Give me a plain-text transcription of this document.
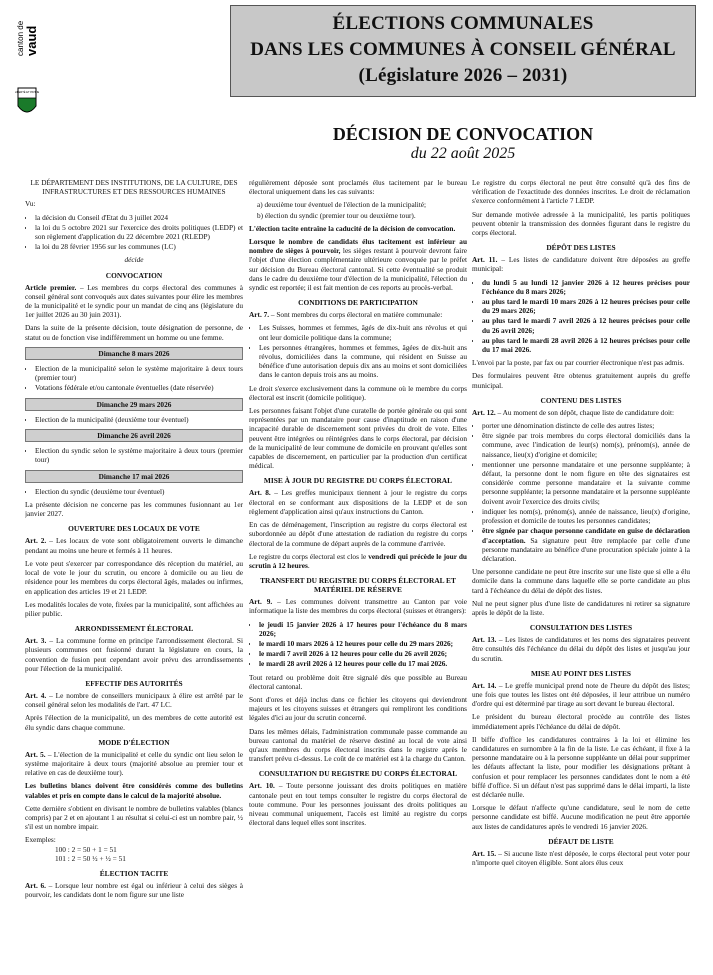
canton de vaud
LIBERTÉ ET PATRIE
ÉLECTIONS COMMUNALES
DANS LES COMMUNES À CONSEIL GÉNÉRAL
(Législature 2026 – 2031)
DÉCISION DE CONVOCATION
du 22 août 2025

LE DÉPARTEMENT DES INSTITUTIONS, DE LA CULTURE, DES INFRASTRUCTURES ET DES RESSOURCES HUMAINES

Vu:

• la décision du Conseil d'Etat du 3 juillet 2024
• la loi du 5 octobre 2021 sur l'exercice des droits politiques (LEDP) et son règlement d'application du 22 décembre 2021 (RLEDP)
• la loi du 28 février 1956 sur les communes (LC)

décide

CONVOCATION

Article premier. – Les membres du corps électoral des communes à conseil général sont convoqués aux dates suivantes pour élire les membres de la municipalité et le syndic pour un mandat de cinq ans (législature du 1er juillet 2026 au 30 juin 2031).

Dans la suite de la présente décision, toute désignation de personne, de statut ou de fonction vise indifféremment un homme ou une femme.

Dimanche 8 mars 2026
• Election de la municipalité selon le système majoritaire à deux tours (premier tour)
• Votations fédérale et/ou cantonale éventuelles (date réservée)
Dimanche 29 mars 2026
• Election de la municipalité (deuxième tour éventuel)
Dimanche 26 avril 2026
• Election du syndic selon le système majoritaire à deux tours (premier tour)
Dimanche 17 mai 2026
• Election du syndic (deuxième tour éventuel)

La présente décision ne concerne pas les communes fusionnant au 1er janvier 2027.

OUVERTURE DES LOCAUX DE VOTE

Art. 2. – Les locaux de vote sont obligatoirement ouverts le dimanche pendant au moins une heure et fermés à 11 heures.

Le vote peut s'exercer par correspondance dès réception du matériel, au local de vote le jour du scrutin, ou encore à domicile ou au lieu de résidence pour les membres du corps électoral âgés, malades ou infirmes, en application des articles 19 et 21 LEDP.

Les modalités locales de vote, fixées par la municipalité, sont affichées au pilier public.

ARRONDISSEMENT ÉLECTORAL

Art. 3. – La commune forme en principe l'arrondissement électoral. Si plusieurs communes ont fusionné durant la législature en cours, la convention de fusion peut cependant avoir prévu des arrondissements pour l'élection de la municipalité.

EFFECTIF DES AUTORITÉS

Art. 4. – Le nombre de conseillers municipaux à élire est arrêté par le conseil général selon les modalités de l'art. 47 LC.

Après l'élection de la municipalité, un des membres de cette autorité est élu syndic dans chaque commune.

MODE D'ÉLECTION

Art. 5. – L'élection de la municipalité et celle du syndic ont lieu selon le système majoritaire à deux tours (majorité absolue au premier tour et relative en cas de deuxième tour).

Les bulletins blancs doivent être considérés comme des bulletins valables et pris en compte dans le calcul de la majorité absolue.

Cette dernière s'obtient en divisant le nombre de bulletins valables (blancs compris) par 2 et en ajoutant 1 au résultat si celui-ci est un nombre pair, ½ s'il est un nombre impair.

Exemples:

100 : 2 = 50 + 1 = 51

101 : 2 = 50 ½ + ½ = 51

ÉLECTION TACITE

Art. 6. – Lorsque leur nombre est égal ou inférieur à celui des sièges à pourvoir, les candidats dont le nom figure sur une liste

régulièrement déposée sont proclamés élus tacitement par le bureau électoral uniquement dans les cas suivants:

a) deuxième tour éventuel de l'élection de la municipalité;

b) élection du syndic (premier tour ou deuxième tour).

L'élection tacite entraîne la caducité de la décision de convocation.

Lorsque le nombre de candidats élus tacitement est inférieur au nombre de sièges à pourvoir, les sièges restant à pourvoir devront faire l'objet d'une élection complémentaire ultérieure convoquée par le préfet sur décision du Bureau électoral cantonal. Si cette éventualité se produit dans le cadre du deuxième tour d'élection de la municipalité, l'élection du syndic est reportée; il est fait mention de ces reports au procès-verbal.

CONDITIONS DE PARTICIPATION

Art. 7. – Sont membres du corps électoral en matière communale:

• Les Suisses, hommes et femmes, âgés de dix-huit ans révolus et qui ont leur domicile politique dans la commune;
• Les personnes étrangères, hommes et femmes, âgées de dix-huit ans révolus, domiciliées dans la commune, qui résident en Suisse au bénéfice d'une autorisation depuis dix ans au moins et sont domiciliées dans le canton depuis trois ans au moins.

Le droit s'exerce exclusivement dans la commune où le membre du corps électoral est inscrit (domicile politique).

Les personnes faisant l'objet d'une curatelle de portée générale ou qui sont représentées par un mandataire pour cause d'inaptitude en raison d'une incapacité durable de discernement sont privées du droit de vote. Elles peuvent être intégrées ou réintégrées dans le corps électoral, par décision de la municipalité de leur commune de domicile en prouvant qu'elles sont capables de discernement, en particulier par la production d'un certificat médical.

MISE À JOUR DU REGISTRE DU CORPS ÉLECTORAL

Art. 8. – Les greffes municipaux tiennent à jour le registre du corps électoral en se conformant aux dispositions de la LEDP et de son règlement d'application ainsi qu'aux instructions du Canton.

En cas de déménagement, l'inscription au registre du corps électoral est subordonnée au dépôt d'une attestation de radiation du registre du corps électoral de la commune de départ auprès de la commune d'arrivée.

Le registre du corps électoral est clos le vendredi qui précède le jour du scrutin à 12 heures.

TRANSFERT DU REGISTRE DU CORPS ÉLECTORAL ET MATÉRIEL DE RÉSERVE

Art. 9. – Les communes doivent transmettre au Canton par voie informatique la liste des membres du corps électoral (suisses et étrangers):

• le jeudi 15 janvier 2026 à 17 heures pour l'échéance du 8 mars 2026;
• le mardi 10 mars 2026 à 12 heures pour celle du 29 mars 2026;
• le mardi 7 avril 2026 à 12 heures pour celle du 26 avril 2026;
• le mardi 28 avril 2026 à 12 heures pour celle du 17 mai 2026.

Tout retard ou problème doit être signalé dès que possible au Bureau électoral cantonal.

Sont d'ores et déjà inclus dans ce fichier les citoyens qui deviendront majeurs et les citoyens suisses et étrangers qui rempliront les conditions légales d'ici au jour du scrutin concerné.

Dans les mêmes délais, l'administration communale passe commande au bureau cantonal du matériel de réserve destiné au local de vote ainsi qu'aux membres du corps électoral inscrits dans le registre après le transfert prévu ci-dessus. Le coût de ce matériel est à la charge du Canton.

CONSULTATION DU REGISTRE DU CORPS ÉLECTORAL

Art. 10. – Toute personne jouissant des droits politiques en matière cantonale peut en tout temps consulter le registre du corps électoral de toute commune. Pour les personnes jouissant des droits politiques au niveau communal uniquement, l'accès est limité au registre du corps électoral dans lequel elles sont inscrites.

Le registre du corps électoral ne peut être consulté qu'à des fins de vérification de l'exactitude des données inscrites. Le droit de réclamation s'exerce conformément à l'article 7 LEDP.

Sur demande motivée adressée à la municipalité, les partis politiques peuvent obtenir la transmission des données figurant dans le registre du corps électoral.

DÉPÔT DES LISTES

Art. 11. – Les listes de candidature doivent être déposées au greffe municipal:

• du lundi 5 au lundi 12 janvier 2026 à 12 heures précises pour l'échéance du 8 mars 2026;
• au plus tard le mardi 10 mars 2026 à 12 heures précises pour celle du 29 mars 2026;
• au plus tard le mardi 7 avril 2026 à 12 heures précises pour celle du 26 avril 2026;
• au plus tard le mardi 28 avril 2026 à 12 heures précises pour celle du 17 mai 2026.

L'envoi par la poste, par fax ou par courrier électronique n'est pas admis.

Des formulaires peuvent être obtenus gratuitement auprès du greffe municipal.

CONTENU DES LISTES

Art. 12. – Au moment de son dépôt, chaque liste de candidature doit:

• porter une dénomination distincte de celle des autres listes;
• être signée par trois membres du corps électoral domiciliés dans la commune, avec l'indication de leur(s) nom(s), prénom(s), année de naissance, lieu(x) d'origine et domicile;
• mentionner une personne mandataire et une personne suppléante; à défaut, la personne dont le nom figure en tête des signataires est considérée comme personne mandataire et la suivante comme personne suppléante; la personne mandataire et la personne suppléante doivent avoir l'exercice des droits civils;
• indiquer les nom(s), prénom(s), année de naissance, lieu(x) d'origine, profession et domicile de toutes les personnes candidates;
• être signée par chaque personne candidate en guise de déclaration d'acceptation. Sa signature peut être remplacée par celle d'une personne mandataire au bénéfice d'une procuration spéciale jointe à la déclaration.

Une personne candidate ne peut être inscrite sur une liste que si elle a élu domicile dans la commune dans laquelle elle se porte candidate au plus tard à l'échéance du délai de dépôt des listes.

Nul ne peut signer plus d'une liste de candidatures ni retirer sa signature après le dépôt de la liste.

CONSULTATION DES LISTES

Art. 13. – Les listes de candidatures et les noms des signataires peuvent être consultés dès l'échéance du délai du dépôt des listes et jusqu'au jour du scrutin.

MISE AU POINT DES LISTES

Art. 14. – Le greffe municipal prend note de l'heure du dépôt des listes; une fois que toutes les listes ont été déposées, il leur attribue un numéro d'ordre qui est déterminé par tirage au sort devant le bureau électoral.

Le président du bureau électoral procède au contrôle des listes immédiatement après l'échéance du délai de dépôt.

Il biffe d'office les candidatures contraires à la loi et élimine les candidatures en surnombre à la fin de la liste. Le cas échéant, il fixe à la personne mandataire ou à la personne suppléante un délai pour supprimer les défauts affectant la liste, pour modifier les désignations prêtant à confusion et pour remplacer les personnes candidates dont le nom a été biffé d'office. Si un défaut n'est pas supprimé dans le délai imparti, la liste est déclarée nulle.

Lorsque le défaut n'affecte qu'une candidature, seul le nom de cette personne candidate est biffé. Aucune modification ne peut être apportée aux listes de candidatures après le vendredi 16 janvier 2026.

DÉFAUT DE LISTE

Art. 15. – Si aucune liste n'est déposée, le corps électoral peut voter pour n'importe quel citoyen éligible. Sont alors élus ceux
